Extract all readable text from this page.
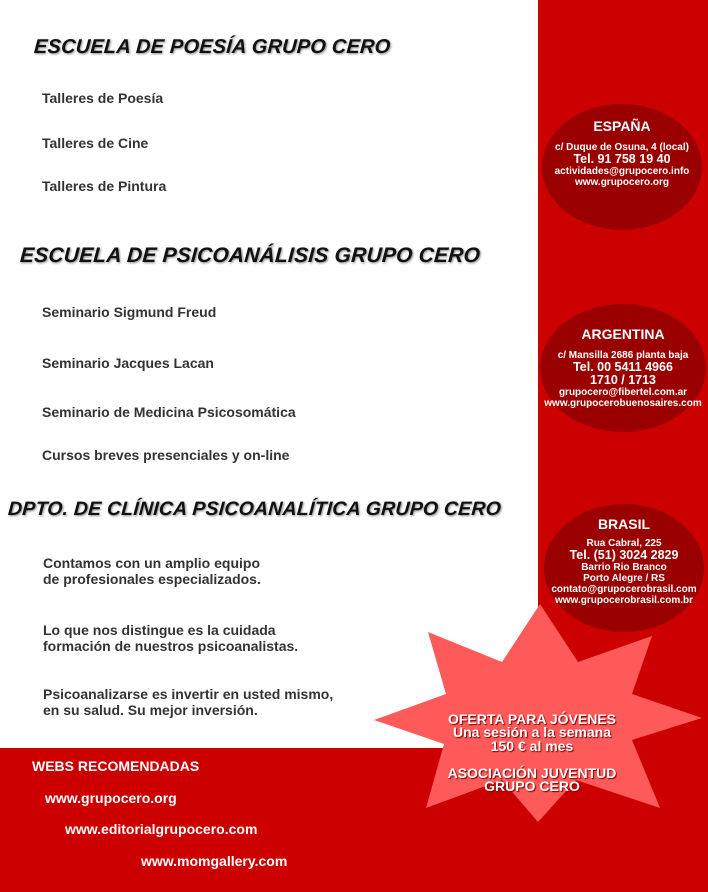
ESCUELA DE POESÍA GRUPO CERO
Talleres de Poesía
Talleres de Cine
Talleres de Pintura
ESCUELA DE PSICOANÁLISIS GRUPO CERO
Seminario Sigmund Freud
Seminario Jacques Lacan
Seminario de Medicina Psicosomática
Cursos breves presenciales y on-line
DPTO. DE CLÍNICA PSICOANALÍTICA GRUPO CERO
Contamos con un amplio equipo
de profesionales especializados.
Lo que nos distingue es la cuidada
formación de nuestros psicoanalistas.
Psicoanalizarse es invertir en usted mismo,
en su salud. Su mejor inversión.
ESPAÑA
c/ Duque de Osuna, 4 (local)
Tel. 91 758 19 40
actividades@grupocero.info
www.grupocero.org
ARGENTINA
c/ Mansilla 2686 planta baja
Tel. 00 5411 4966
1710 / 1713
grupocero@fibertel.com.ar
www.grupocerobuenosaires.com
BRASIL
Rua Cabral, 225
Tel. (51) 3024 2829
Barrio Rio Branco
Porto Alegre / RS
contato@grupocerobrasil.com
www.grupocerobrasil.com.br
OFERTA PARA JÓVENES
Una sesión a la semana
150 € al mes
ASOCIACIÓN JUVENTUD
GRUPO CERO
WEBS RECOMENDADAS
www.grupocero.org
www.editorialgrupocero.com
www.momgallery.com
